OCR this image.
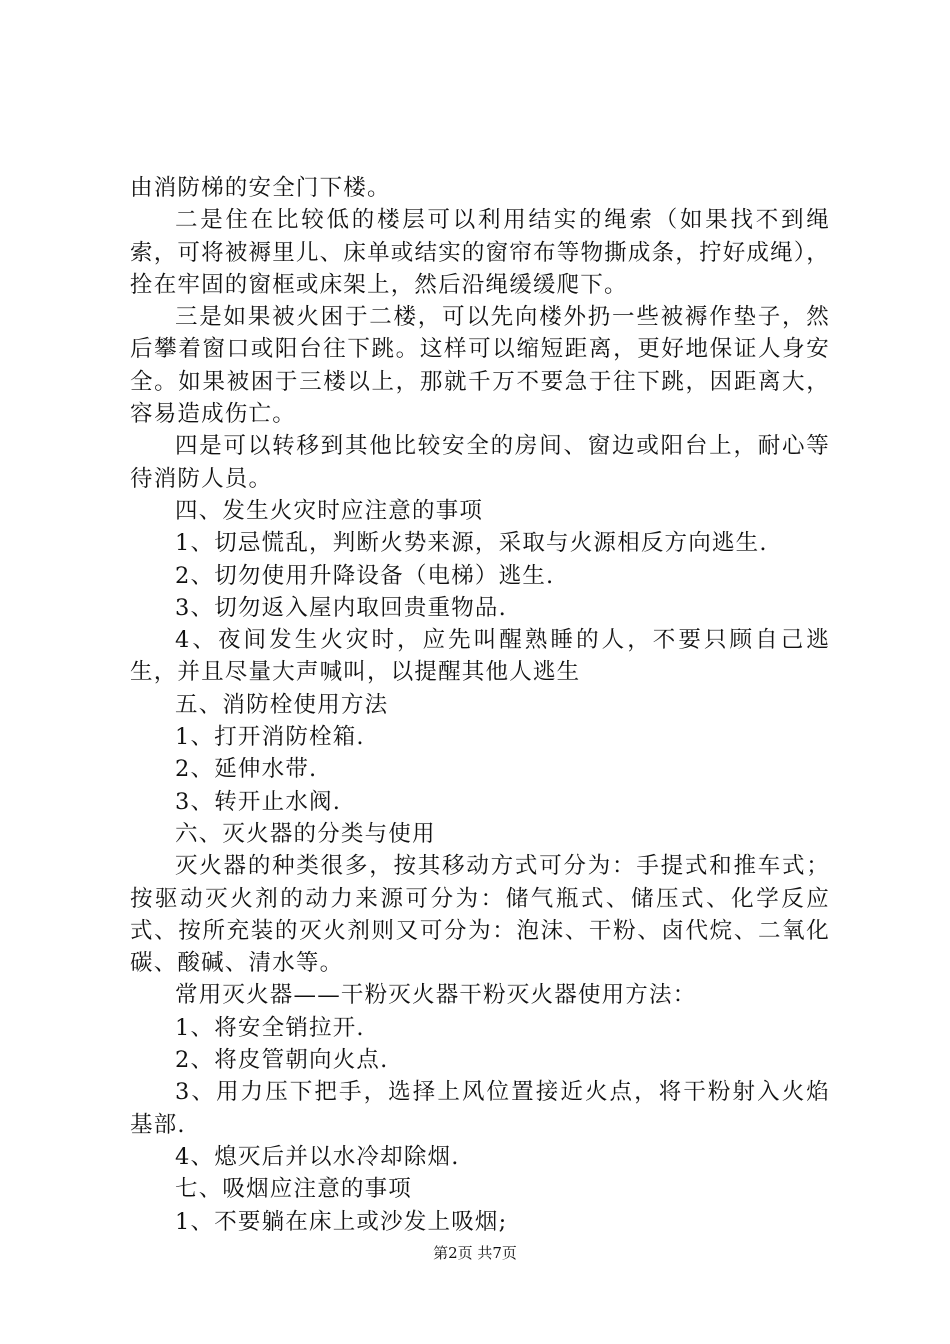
由消防梯的安全门下楼。

二是住在比较低的楼层可以利用结实的绳索（如果找不到绳索，可将被褥里儿、床单或结实的窗帘布等物撕成条，拧好成绳），拴在牢固的窗框或床架上，然后沿绳缓缓爬下。

三是如果被火困于二楼，可以先向楼外扔一些被褥作垫子，然后攀着窗口或阳台往下跳。这样可以缩短距离，更好地保证人身安全。如果被困于三楼以上，那就千万不要急于往下跳，因距离大，容易造成伤亡。

四是可以转移到其他比较安全的房间、窗边或阳台上，耐心等待消防人员。

四、发生火灾时应注意的事项

1、切忌慌乱，判断火势来源，采取与火源相反方向逃生.

2、切勿使用升降设备（电梯）逃生.

3、切勿返入屋内取回贵重物品.

4、夜间发生火灾时，应先叫醒熟睡的人，不要只顾自己逃生，并且尽量大声喊叫，以提醒其他人逃生

五、消防栓使用方法

1、打开消防栓箱.

2、延伸水带.

3、转开止水阀.

六、灭火器的分类与使用

灭火器的种类很多，按其移动方式可分为：手提式和推车式；按驱动灭火剂的动力来源可分为：储气瓶式、储压式、化学反应式、按所充装的灭火剂则又可分为：泡沫、干粉、卤代烷、二氧化碳、酸碱、清水等。

常用灭火器——干粉灭火器干粉灭火器使用方法：

1、将安全销拉开.

2、将皮管朝向火点.

3、用力压下把手，选择上风位置接近火点，将干粉射入火焰基部.

4、熄灭后并以水冷却除烟.

七、吸烟应注意的事项

1、不要躺在床上或沙发上吸烟;

第2页 共7页
